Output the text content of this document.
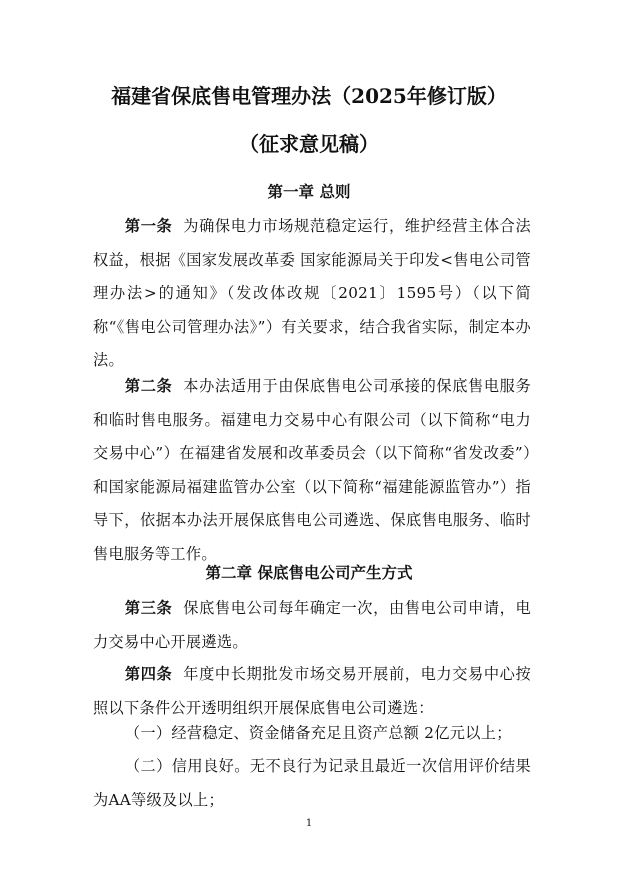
福建省保底售电管理办法（2025年修订版）
（征求意见稿）
第一章 总则
第一条 为确保电力市场规范稳定运行，维护经营主体合法权益，根据《国家发展改革委 国家能源局关于印发<售电公司管理办法>的通知》（发改体改规〔2021〕1595号）（以下简称“《售电公司管理办法》”）有关要求，结合我省实际，制定本办法。
第二条 本办法适用于由保底售电公司承接的保底售电服务和临时售电服务。福建电力交易中心有限公司（以下简称“电力交易中心”）在福建省发展和改革委员会（以下简称“省发改委”）和国家能源局福建监管办公室（以下简称“福建能源监管办”）指导下，依据本办法开展保底售电公司遴选、保底售电服务、临时售电服务等工作。
第二章 保底售电公司产生方式
第三条 保底售电公司每年确定一次，由售电公司申请，电力交易中心开展遴选。
第四条 年度中长期批发市场交易开展前，电力交易中心按照以下条件公开透明组织开展保底售电公司遴选：
（一）经营稳定、资金储备充足且资产总额 2亿元以上；
（二）信用良好。无不良行为记录且最近一次信用评价结果为AA等级及以上；
1
